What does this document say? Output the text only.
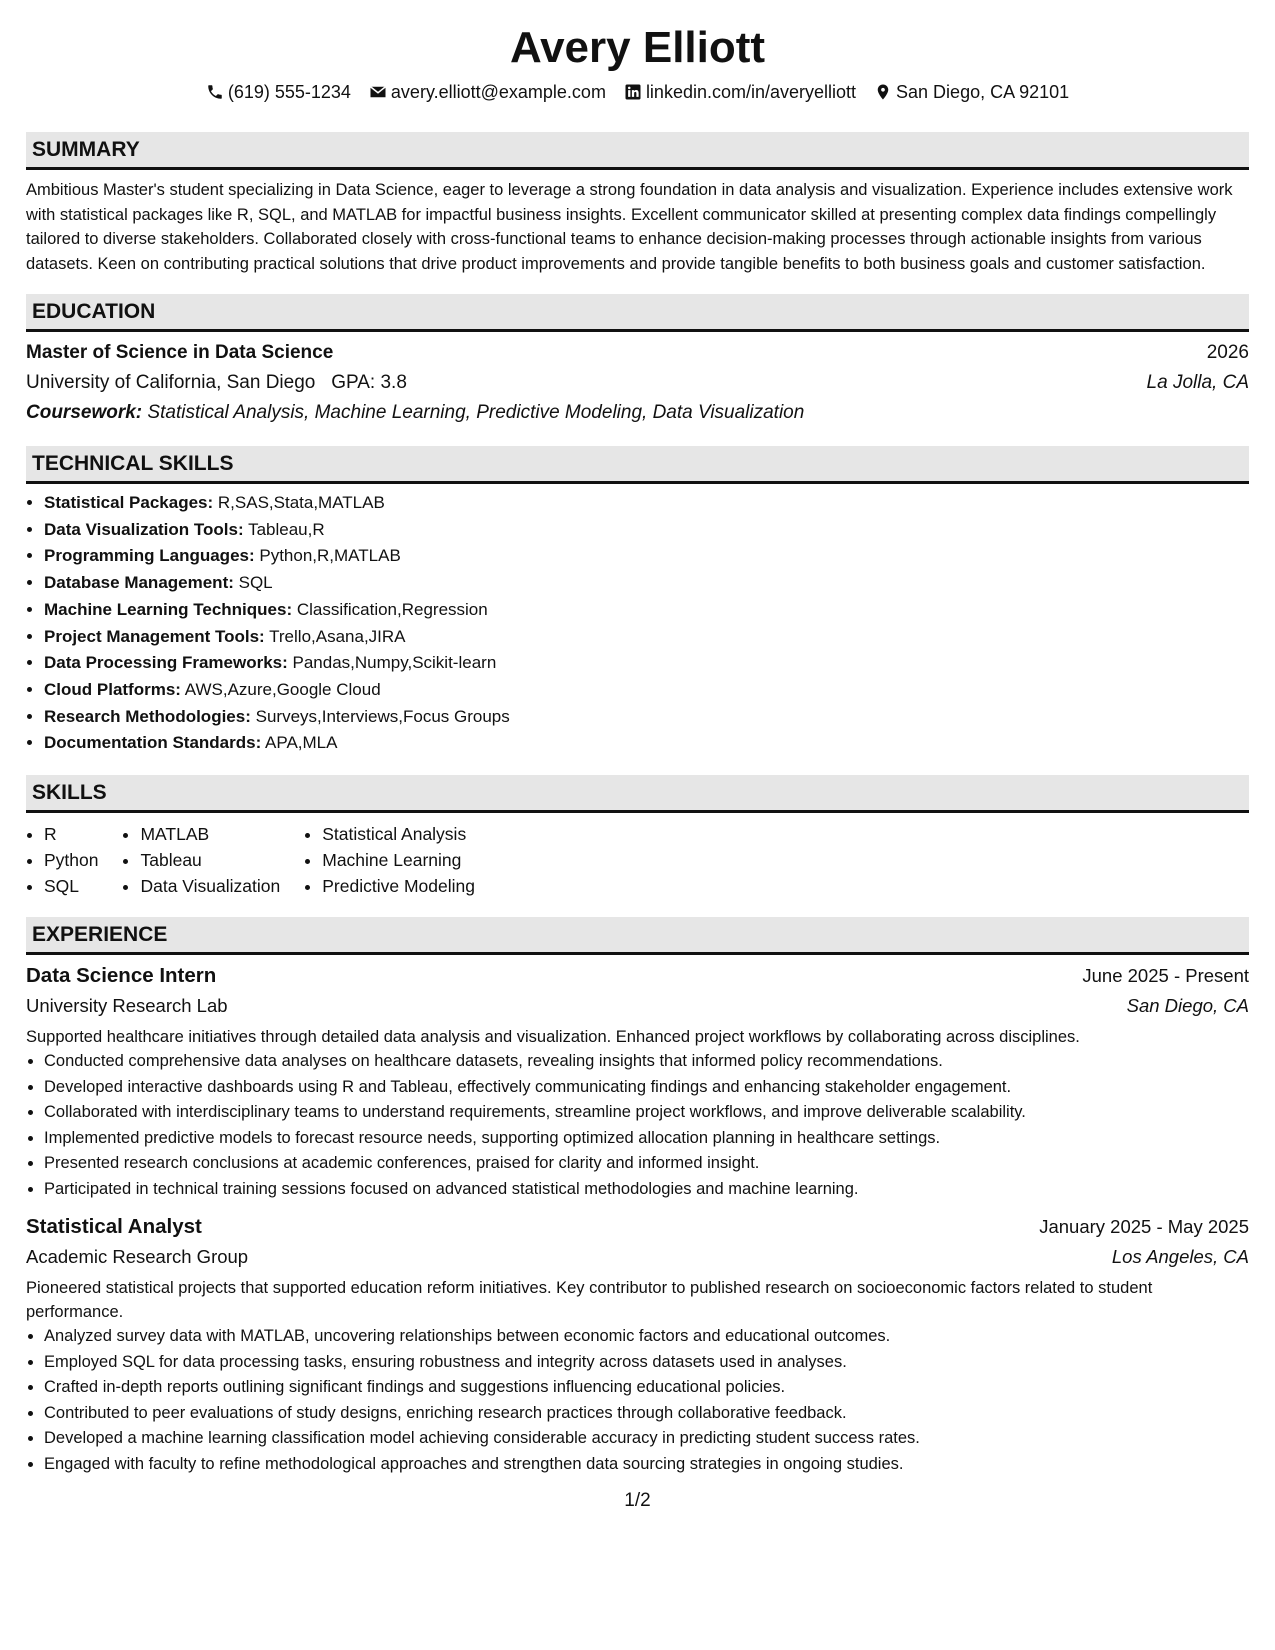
Avery Elliott
(619) 555-1234 avery.elliott@example.com linkedin.com/in/averyelliott San Diego, CA 92101
SUMMARY
Ambitious Master's student specializing in Data Science, eager to leverage a strong foundation in data analysis and visualization. Experience includes extensive work with statistical packages like R, SQL, and MATLAB for impactful business insights. Excellent communicator skilled at presenting complex data findings compellingly tailored to diverse stakeholders. Collaborated closely with cross-functional teams to enhance decision-making processes through actionable insights from various datasets. Keen on contributing practical solutions that drive product improvements and provide tangible benefits to both business goals and customer satisfaction.
EDUCATION
Master of Science in Data Science	2026
University of California, San Diego GPA: 3.8	La Jolla, CA
Coursework: Statistical Analysis, Machine Learning, Predictive Modeling, Data Visualization
TECHNICAL SKILLS
• Statistical Packages: R,SAS,Stata,MATLAB
• Data Visualization Tools: Tableau,R
• Programming Languages: Python,R,MATLAB
• Database Management: SQL
• Machine Learning Techniques: Classification,Regression
• Project Management Tools: Trello,Asana,JIRA
• Data Processing Frameworks: Pandas,Numpy,Scikit-learn
• Cloud Platforms: AWS,Azure,Google Cloud
• Research Methodologies: Surveys,Interviews,Focus Groups
• Documentation Standards: APA,MLA
SKILLS
• R
• Python
• SQL
• MATLAB
• Tableau
• Data Visualization
• Statistical Analysis
• Machine Learning
• Predictive Modeling
EXPERIENCE
Data Science Intern	June 2025 - Present
University Research Lab	San Diego, CA
Supported healthcare initiatives through detailed data analysis and visualization. Enhanced project workflows by collaborating across disciplines.
• Conducted comprehensive data analyses on healthcare datasets, revealing insights that informed policy recommendations.
• Developed interactive dashboards using R and Tableau, effectively communicating findings and enhancing stakeholder engagement.
• Collaborated with interdisciplinary teams to understand requirements, streamline project workflows, and improve deliverable scalability.
• Implemented predictive models to forecast resource needs, supporting optimized allocation planning in healthcare settings.
• Presented research conclusions at academic conferences, praised for clarity and informed insight.
• Participated in technical training sessions focused on advanced statistical methodologies and machine learning.
Statistical Analyst	January 2025 - May 2025
Academic Research Group	Los Angeles, CA
Pioneered statistical projects that supported education reform initiatives. Key contributor to published research on socioeconomic factors related to student performance.
• Analyzed survey data with MATLAB, uncovering relationships between economic factors and educational outcomes.
• Employed SQL for data processing tasks, ensuring robustness and integrity across datasets used in analyses.
• Crafted in-depth reports outlining significant findings and suggestions influencing educational policies.
• Contributed to peer evaluations of study designs, enriching research practices through collaborative feedback.
• Developed a machine learning classification model achieving considerable accuracy in predicting student success rates.
• Engaged with faculty to refine methodological approaches and strengthen data sourcing strategies in ongoing studies.
1/2
